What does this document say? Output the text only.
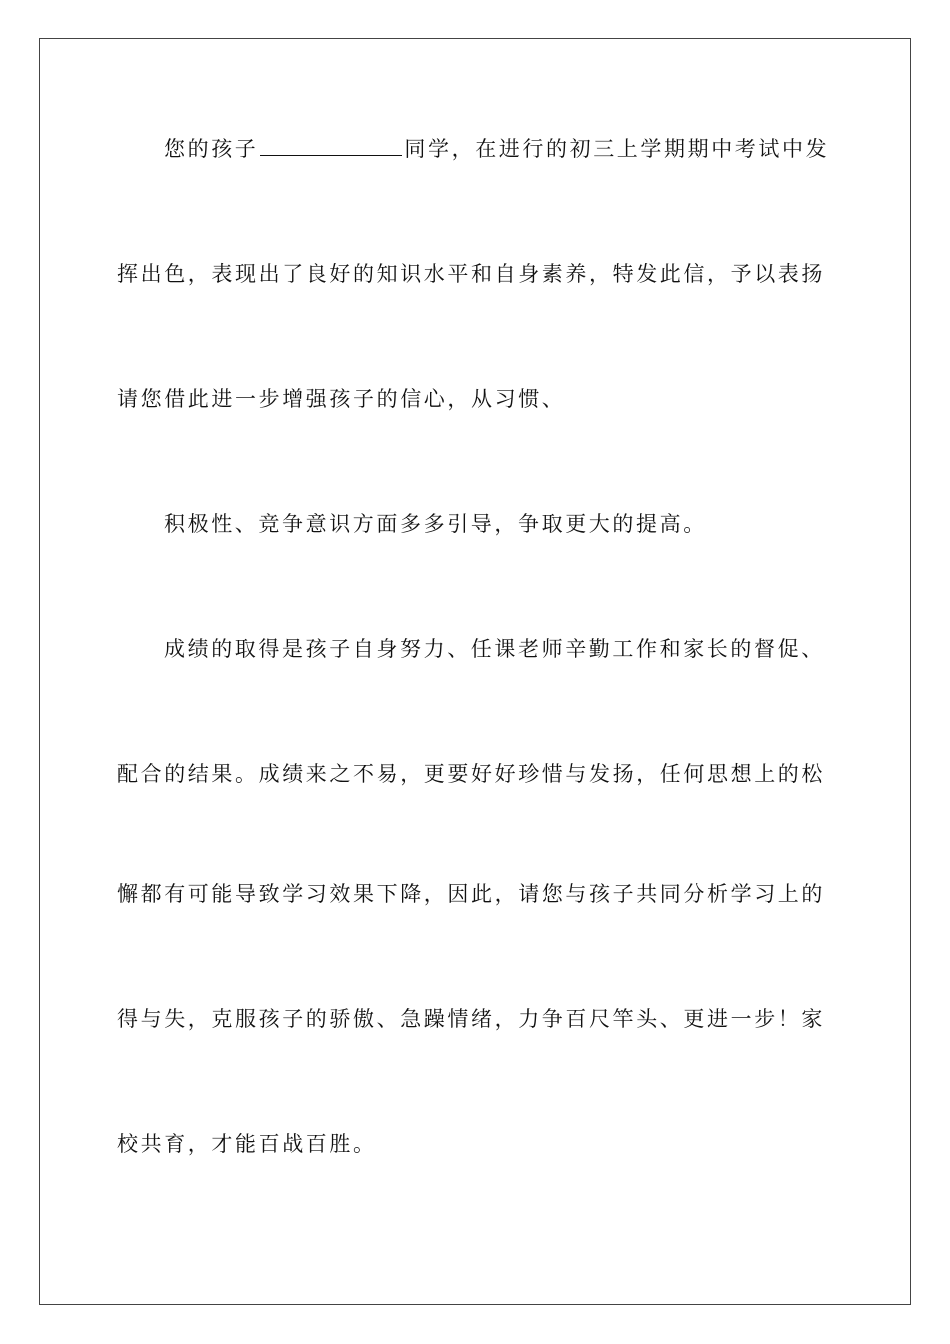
您的孩子	同学，在进行的初三上学期期中考试中发
挥出色，表现出了良好的知识水平和自身素养，特发此信，予以表扬
请您借此进一步增强孩子的信心，从习惯、
积极性、竞争意识方面多多引导，争取更大的提高。
成绩的取得是孩子自身努力、任课老师辛勤工作和家长的督促、
配合的结果。成绩来之不易，更要好好珍惜与发扬，任何思想上的松
懈都有可能导致学习效果下降，因此，请您与孩子共同分析学习上的
得与失，克服孩子的骄傲、急躁情绪，力争百尺竿头、更进一步！家
校共育，才能百战百胜。
